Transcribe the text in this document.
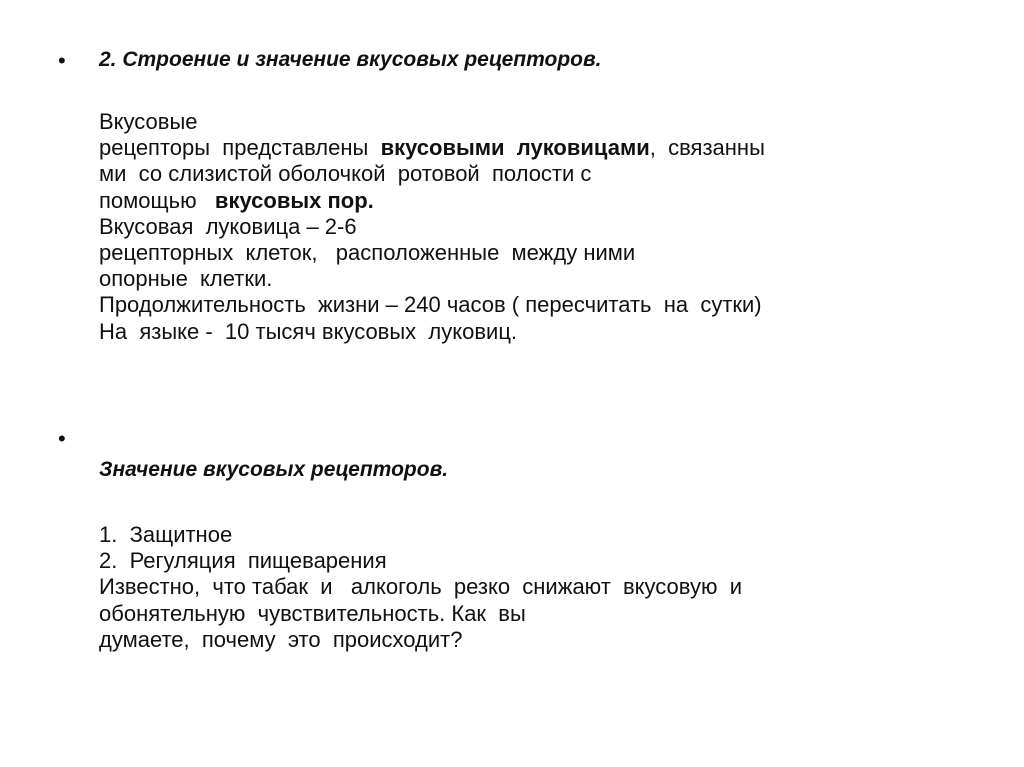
• 2. Строение и значение вкусовых рецепторов.
Вкусовые
рецепторы  представлены  вкусовыми  луковицами,  связанны
ми  со слизистой оболочкой  ротовой  полости с
помощью   вкусовых пор.
Вкусовая  луковица – 2-6
рецепторных  клеток,   расположенные  между ними
опорные  клетки.
Продолжительность  жизни – 240 часов ( пересчитать  на  сутки)
На  языке -  10 тысяч вкусовых  луковиц.
•
Значение вкусовых рецепторов.
1.  Защитное
2.  Регуляция  пищеварения
Известно,  что табак  и   алкоголь  резко  снижают  вкусовую  и
обонятельную  чувствительность. Как  вы
думаете,  почему  это  происходит?
